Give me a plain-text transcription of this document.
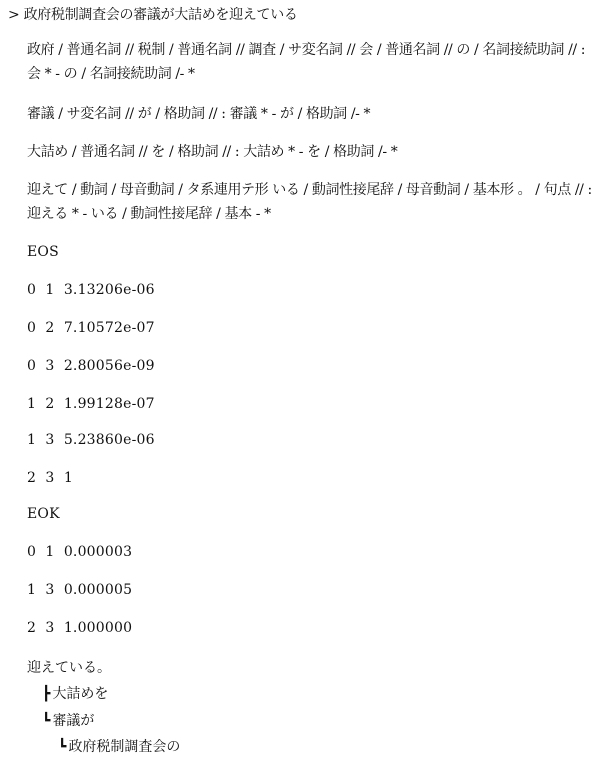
> 政府税制調査会の審議が大詰めを迎えている
政府 / 普通名詞 // 税制 / 普通名詞 // 調査 / サ変名詞 // 会 / 普通名詞 // の / 名詞接続助詞 // : 会 * - の / 名詞接続助詞 /- *
審議 / サ変名詞 // が / 格助詞 // : 審議 * - が / 格助詞 /- *
大詰め / 普通名詞 // を / 格助詞 // : 大詰め * - を / 格助詞 /- *
迎えて / 動詞 / 母音動詞 / タ系連用テ形 いる / 動詞性接尾辞 / 母音動詞 / 基本形 。 / 句点 // : 迎える * - いる / 動詞性接尾辞 / 基本 - *
EOS
0  1  3.13206e-06
0  2  7.10572e-07
0  3  2.80056e-09
1  2  1.99128e-07
1  3  5.23860e-06
2  3  1
EOK
0  1  0.000003
1  3  0.000005
2  3  1.000000
迎えている。
┣ 大詰めを
┗ 審議が
┗ 政府税制調査会の
